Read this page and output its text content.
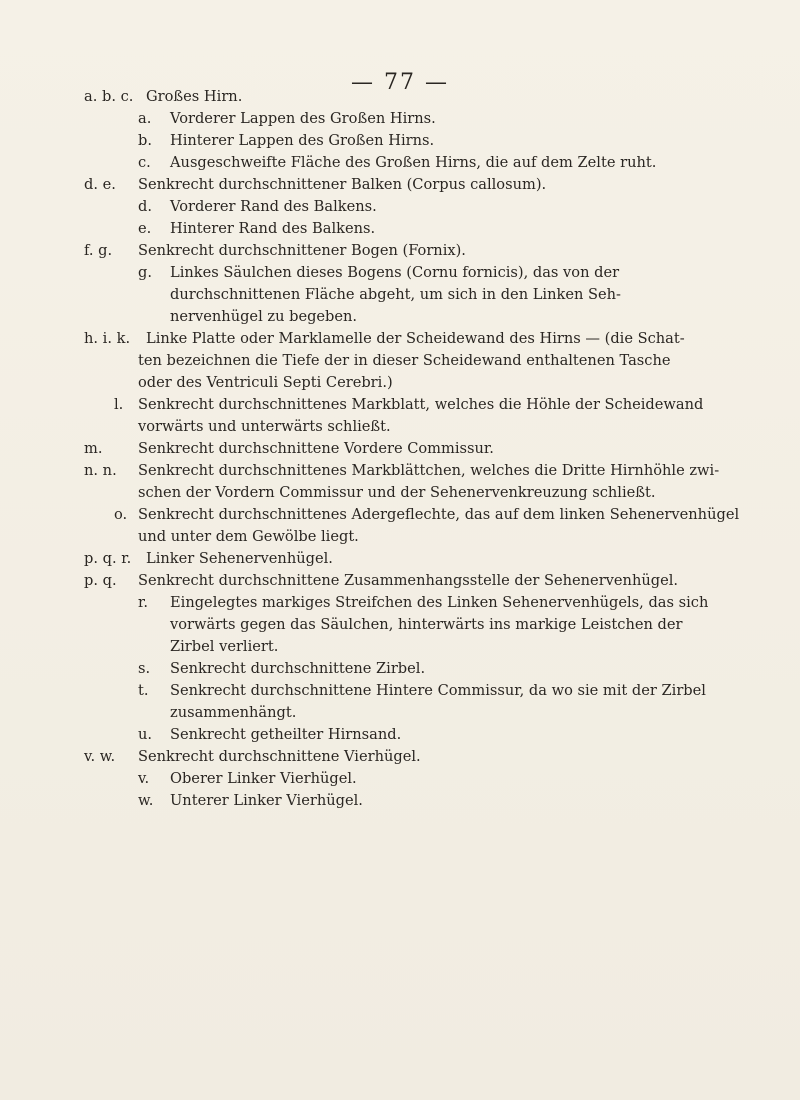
— 77 —
a. b. c. Großes Hirn.
a. Vorderer Lappen des Großen Hirns.
b. Hinterer Lappen des Großen Hirns.
c. Ausgeschweifte Fläche des Großen Hirns, die auf dem Zelte ruht.
d. e. Senkrecht durchschnittener Balken (Corpus callosum).
d. Vorderer Rand des Balkens.
e. Hinterer Rand des Balkens.
f. g. Senkrecht durchschnittener Bogen (Fornix).
g. Linkes Säulchen dieses Bogens (Cornu fornicis), das von der
durchschnittenen Fläche abgeht, um sich in den Linken Seh-
nervenhügel zu begeben.
h. i. k. Linke Platte oder Marklamelle der Scheidewand des Hirns — (die Schat-
ten bezeichnen die Tiefe der in dieser Scheidewand enthaltenen Tasche
oder des Ventriculi Septi Cerebri.)
l. Senkrecht durchschnittenes Markblatt, welches die Höhle der Scheidewand
vorwärts und unterwärts schließt.
m. Senkrecht durchschnittene Vordere Commissur.
n. n. Senkrecht durchschnittenes Markblättchen, welches die Dritte Hirnhöhle zwi-
schen der Vordern Commissur und der Sehenervenkreuzung schließt.
o. Senkrecht durchschnittenes Adergeflechte, das auf dem linken Sehenervenhügel
und unter dem Gewölbe liegt.
p. q. r. Linker Sehenervenhügel.
p. q. Senkrecht durchschnittene Zusammenhangsstelle der Sehenervenhügel.
r. Eingelegtes markiges Streifchen des Linken Sehenervenhügels, das sich
vorwärts gegen das Säulchen, hinterwärts ins markige Leistchen der
Zirbel verliert.
s. Senkrecht durchschnittene Zirbel.
t. Senkrecht durchschnittene Hintere Commissur, da wo sie mit der Zirbel
zusammenhängt.
u. Senkrecht getheilter Hirnsand.
v. w. Senkrecht durchschnittene Vierhügel.
v. Oberer Linker Vierhügel.
w. Unterer Linker Vierhügel.
